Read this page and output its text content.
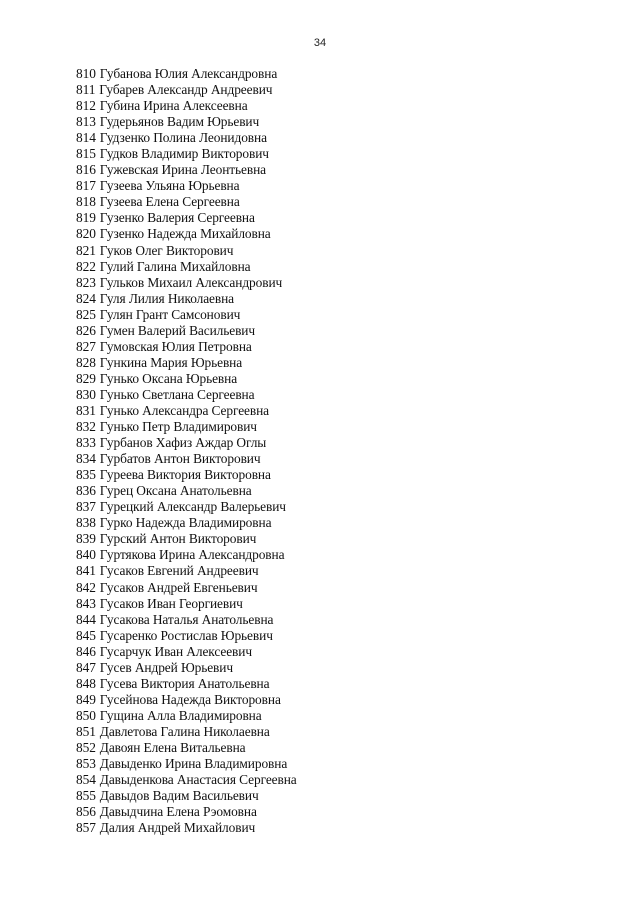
34
810 Губанова Юлия Александровна
811 Губарев Александр Андреевич
812 Губина Ирина Алексеевна
813 Гудерьянов Вадим Юрьевич
814 Гудзенко Полина Леонидовна
815 Гудков Владимир Викторович
816 Гужевская Ирина Леонтьевна
817 Гузеева Ульяна Юрьевна
818 Гузеева Елена Сергеевна
819 Гузенко Валерия Сергеевна
820 Гузенко Надежда Михайловна
821 Гуков Олег Викторович
822 Гулий Галина Михайловна
823 Гульков Михаил Александрович
824 Гуля Лилия Николаевна
825 Гулян Грант Самсонович
826 Гумен Валерий Васильевич
827 Гумовская Юлия Петровна
828 Гункина Мария Юрьевна
829 Гунько Оксана Юрьевна
830 Гунько Светлана Сергеевна
831 Гунько Александра Сергеевна
832 Гунько Петр Владимирович
833 Гурбанов Хафиз Аждар Оглы
834 Гурбатов Антон Викторович
835 Гуреева Виктория Викторовна
836 Гурец Оксана Анатольевна
837 Гурецкий Александр Валерьевич
838 Гурко Надежда Владимировна
839 Гурский Антон Викторович
840 Гуртякова Ирина Александровна
841 Гусаков Евгений Андреевич
842 Гусаков Андрей Евгеньевич
843 Гусаков Иван Георгиевич
844 Гусакова Наталья Анатольевна
845 Гусаренко Ростислав Юрьевич
846 Гусарчук Иван Алексеевич
847 Гусев Андрей Юрьевич
848 Гусева Виктория Анатольевна
849 Гусейнова Надежда Викторовна
850 Гущина Алла Владимировна
851 Давлетова Галина Николаевна
852 Давоян Елена Витальевна
853 Давыденко Ирина Владимировна
854 Давыденкова Анастасия Сергеевна
855 Давыдов Вадим Васильевич
856 Давыдчина Елена Рэомовна
857 Далия Андрей Михайлович
